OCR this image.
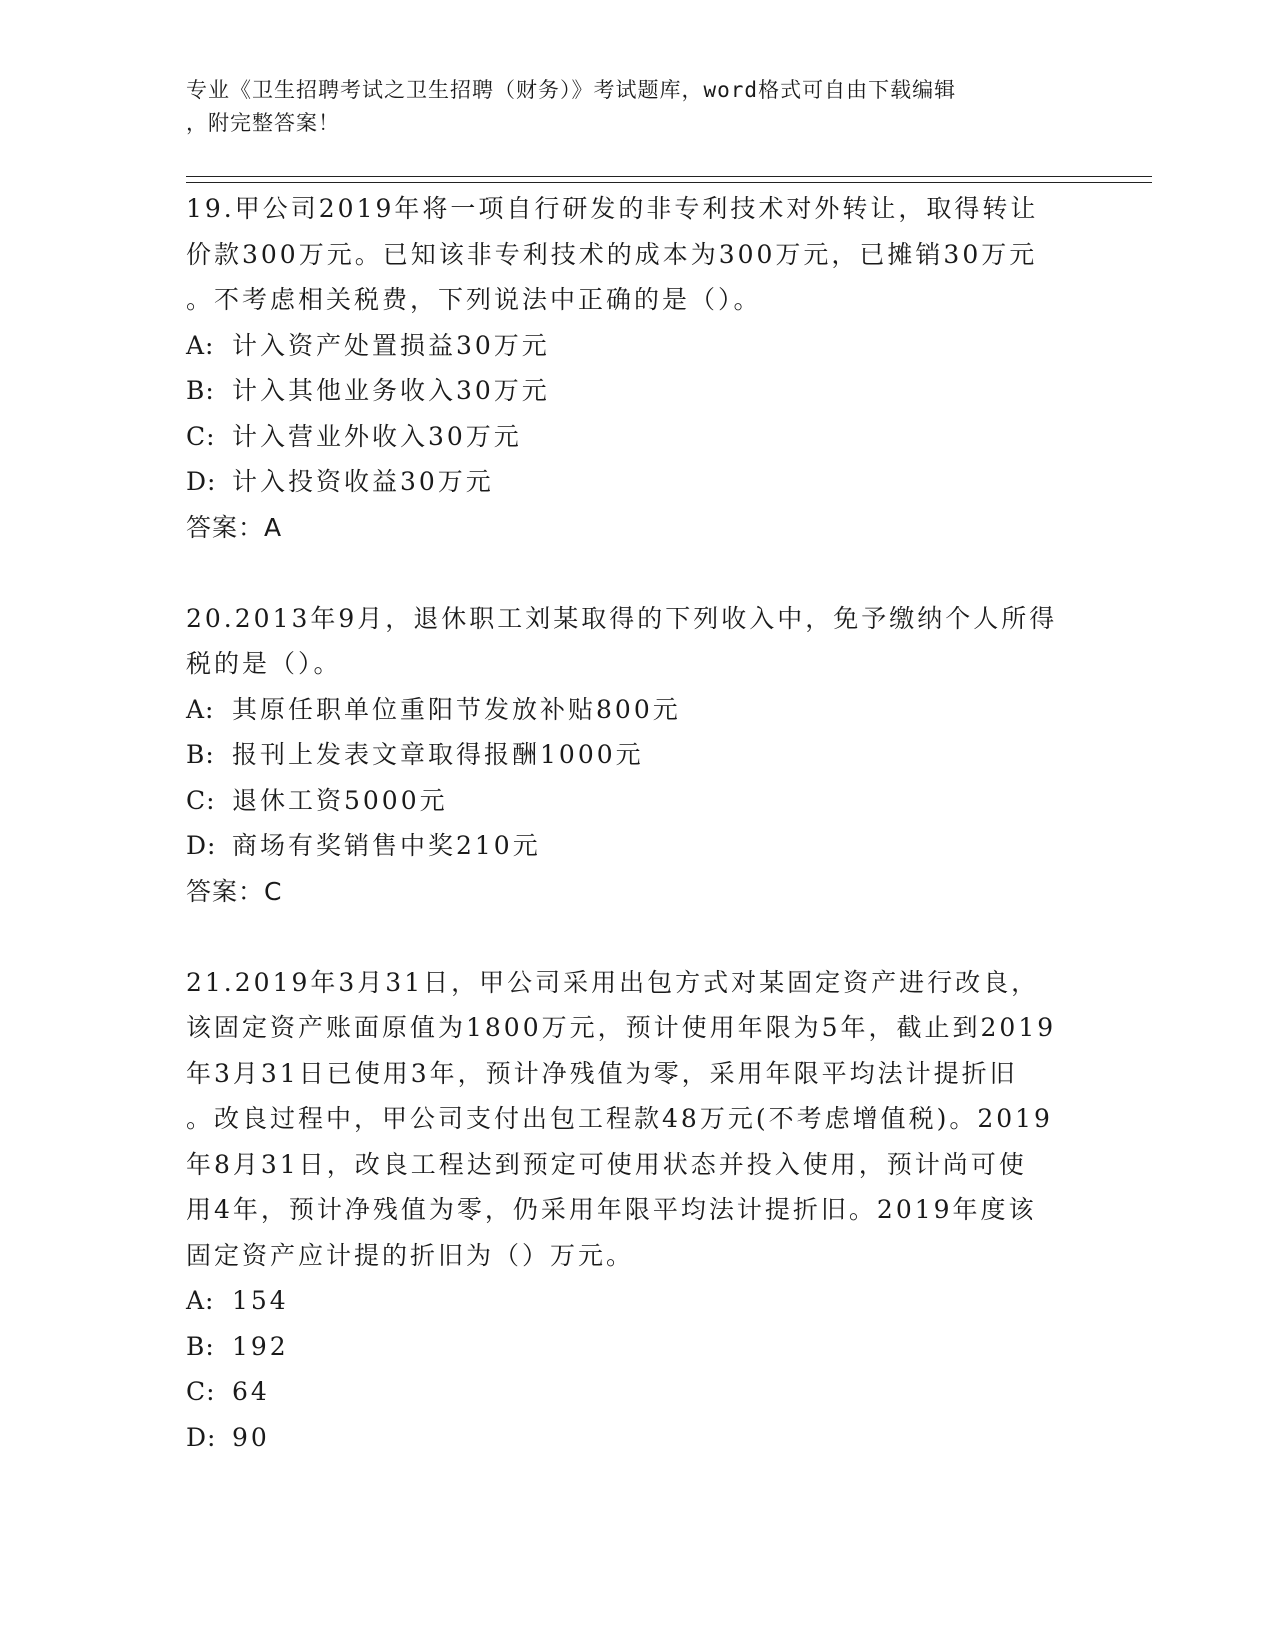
专业《卫生招聘考试之卫生招聘（财务）》考试题库，word格式可自由下载编辑

，附完整答案！

19.甲公司2019年将一项自行研发的非专利技术对外转让，取得转让

价款300万元。已知该非专利技术的成本为300万元，已摊销30万元

。不考虑相关税费，下列说法中正确的是（）。

A: 计入资产处置损益30万元

B: 计入其他业务收入30万元

C: 计入营业外收入30万元

D: 计入投资收益30万元

答案：A

20.2013年9月，退休职工刘某取得的下列收入中，免予缴纳个人所得

税的是（）。

A: 其原任职单位重阳节发放补贴800元

B: 报刊上发表文章取得报酬1000元

C: 退休工资5000元

D: 商场有奖销售中奖210元

答案：C

21.2019年3月31日，甲公司采用出包方式对某固定资产进行改良，

该固定资产账面原值为1800万元，预计使用年限为5年，截止到2019

年3月31日已使用3年，预计净残值为零，采用年限平均法计提折旧

。改良过程中，甲公司支付出包工程款48万元(不考虑增值税)。2019

年8月31日，改良工程达到预定可使用状态并投入使用，预计尚可使

用4年，预计净残值为零，仍采用年限平均法计提折旧。2019年度该

固定资产应计提的折旧为（）万元。

A: 154

B: 192

C: 64

D: 90
